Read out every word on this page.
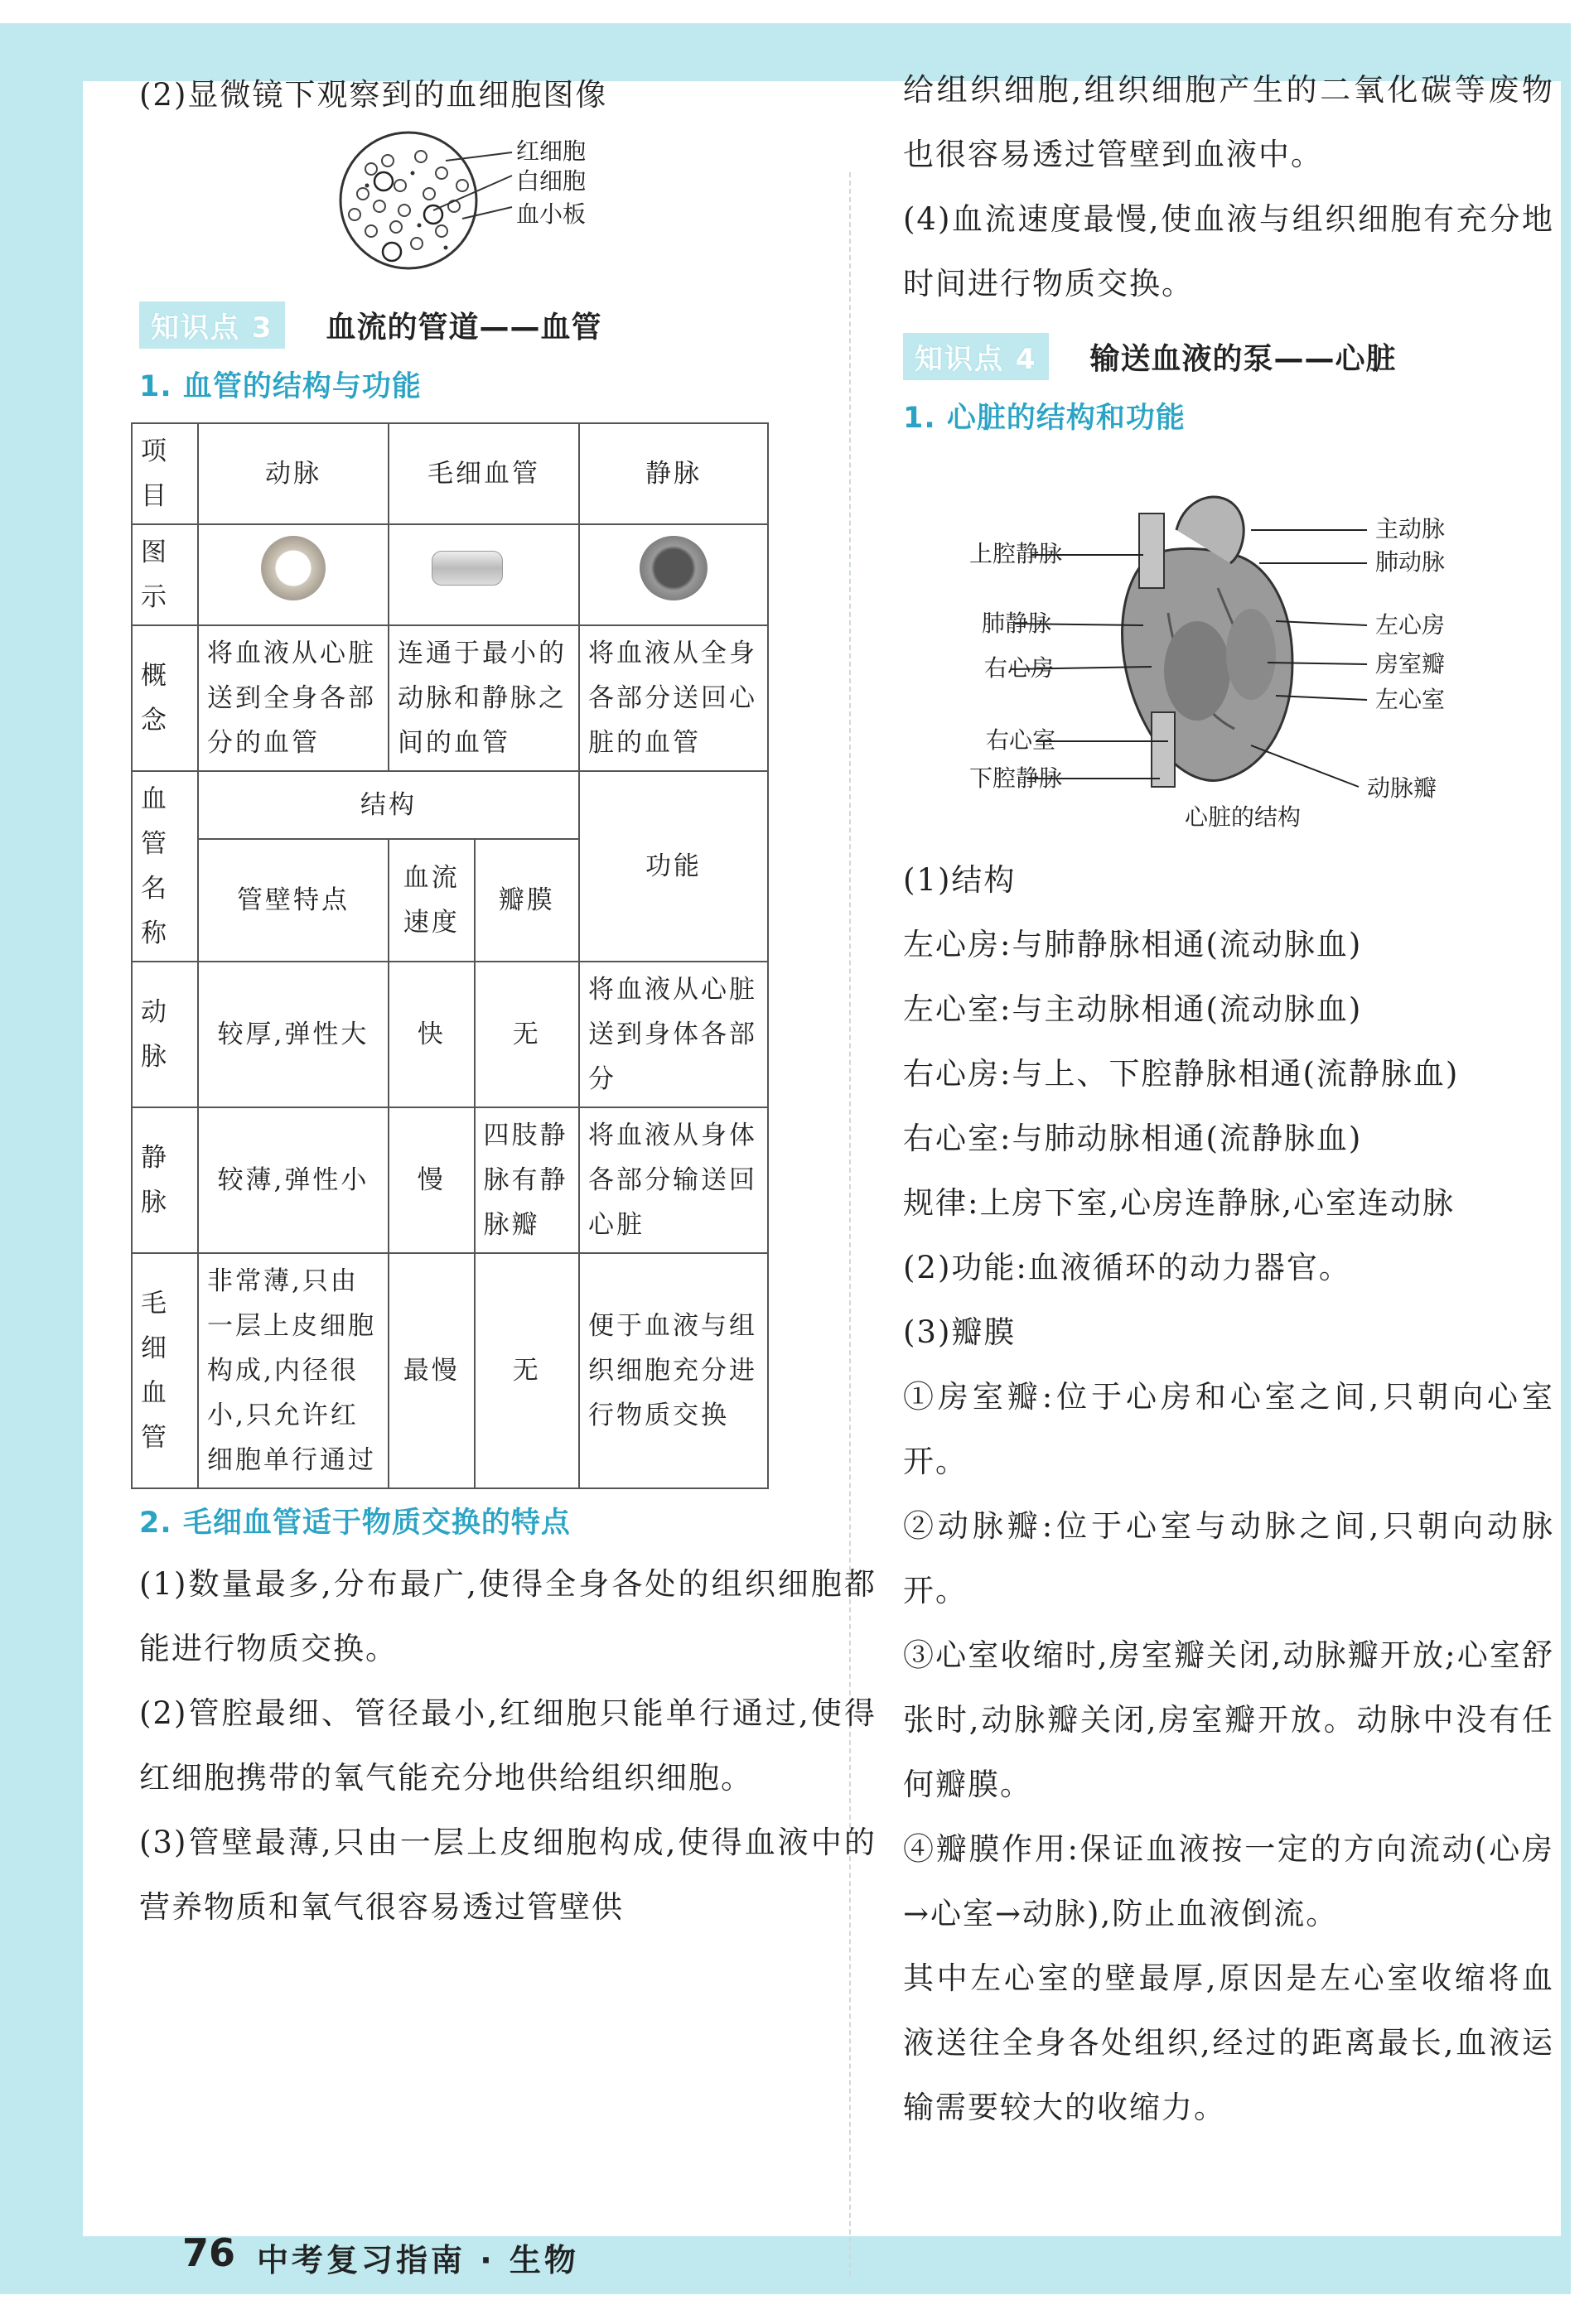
(2)显微镜下观察到的血细胞图像
红细胞
白细胞
血小板
知识点 3	血流的管道——血管
1. 血管的结构与功能
项目	动脉	毛细血管		静脉
图示				
概念	将血液从心脏送到全身各部分的血管	连通于最小的动脉和静脉之间的血管		将血液从全身各部分送回心脏的血管
血管名称	结构			功能
	管壁特点	血流速度	瓣膜	
动脉	较厚,弹性大	快	无	将血液从心脏送到身体各部分
静脉	较薄,弹性小	慢	四肢静脉有静脉瓣	将血液从身体各部分输送回心脏
毛细血管	非常薄,只由一层上皮细胞构成,内径很小,只允许红细胞单行通过	最慢	无	便于血液与组织细胞充分进行物质交换
2. 毛细血管适于物质交换的特点
(1)数量最多,分布最广,使得全身各处的组织细胞都能进行物质交换。
(2)管腔最细、管径最小,红细胞只能单行通过,使得红细胞携带的氧气能充分地供给组织细胞。
(3)管壁最薄,只由一层上皮细胞构成,使得血液中的营养物质和氧气很容易透过管壁供
给组织细胞,组织细胞产生的二氧化碳等废物也很容易透过管壁到血液中。
(4)血流速度最慢,使血液与组织细胞有充分地时间进行物质交换。
知识点 4	输送血液的泵——心脏
1. 心脏的结构和功能
上腔静脉
肺静脉
右心房
右心室
下腔静脉
主动脉
肺动脉
左心房
房室瓣
左心室
动脉瓣
心脏的结构
(1)结构
左心房:与肺静脉相通(流动脉血)
左心室:与主动脉相通(流动脉血)
右心房:与上、下腔静脉相通(流静脉血)
右心室:与肺动脉相通(流静脉血)
规律:上房下室,心房连静脉,心室连动脉
(2)功能:血液循环的动力器官。
(3)瓣膜
①房室瓣:位于心房和心室之间,只朝向心室开。
②动脉瓣:位于心室与动脉之间,只朝向动脉开。
③心室收缩时,房室瓣关闭,动脉瓣开放;心室舒张时,动脉瓣关闭,房室瓣开放。动脉中没有任何瓣膜。
④瓣膜作用:保证血液按一定的方向流动(心房→心室→动脉),防止血液倒流。
其中左心室的壁最厚,原因是左心室收缩将血液送往全身各处组织,经过的距离最长,血液运输需要较大的收缩力。
76 中考复习指南 · 生物
